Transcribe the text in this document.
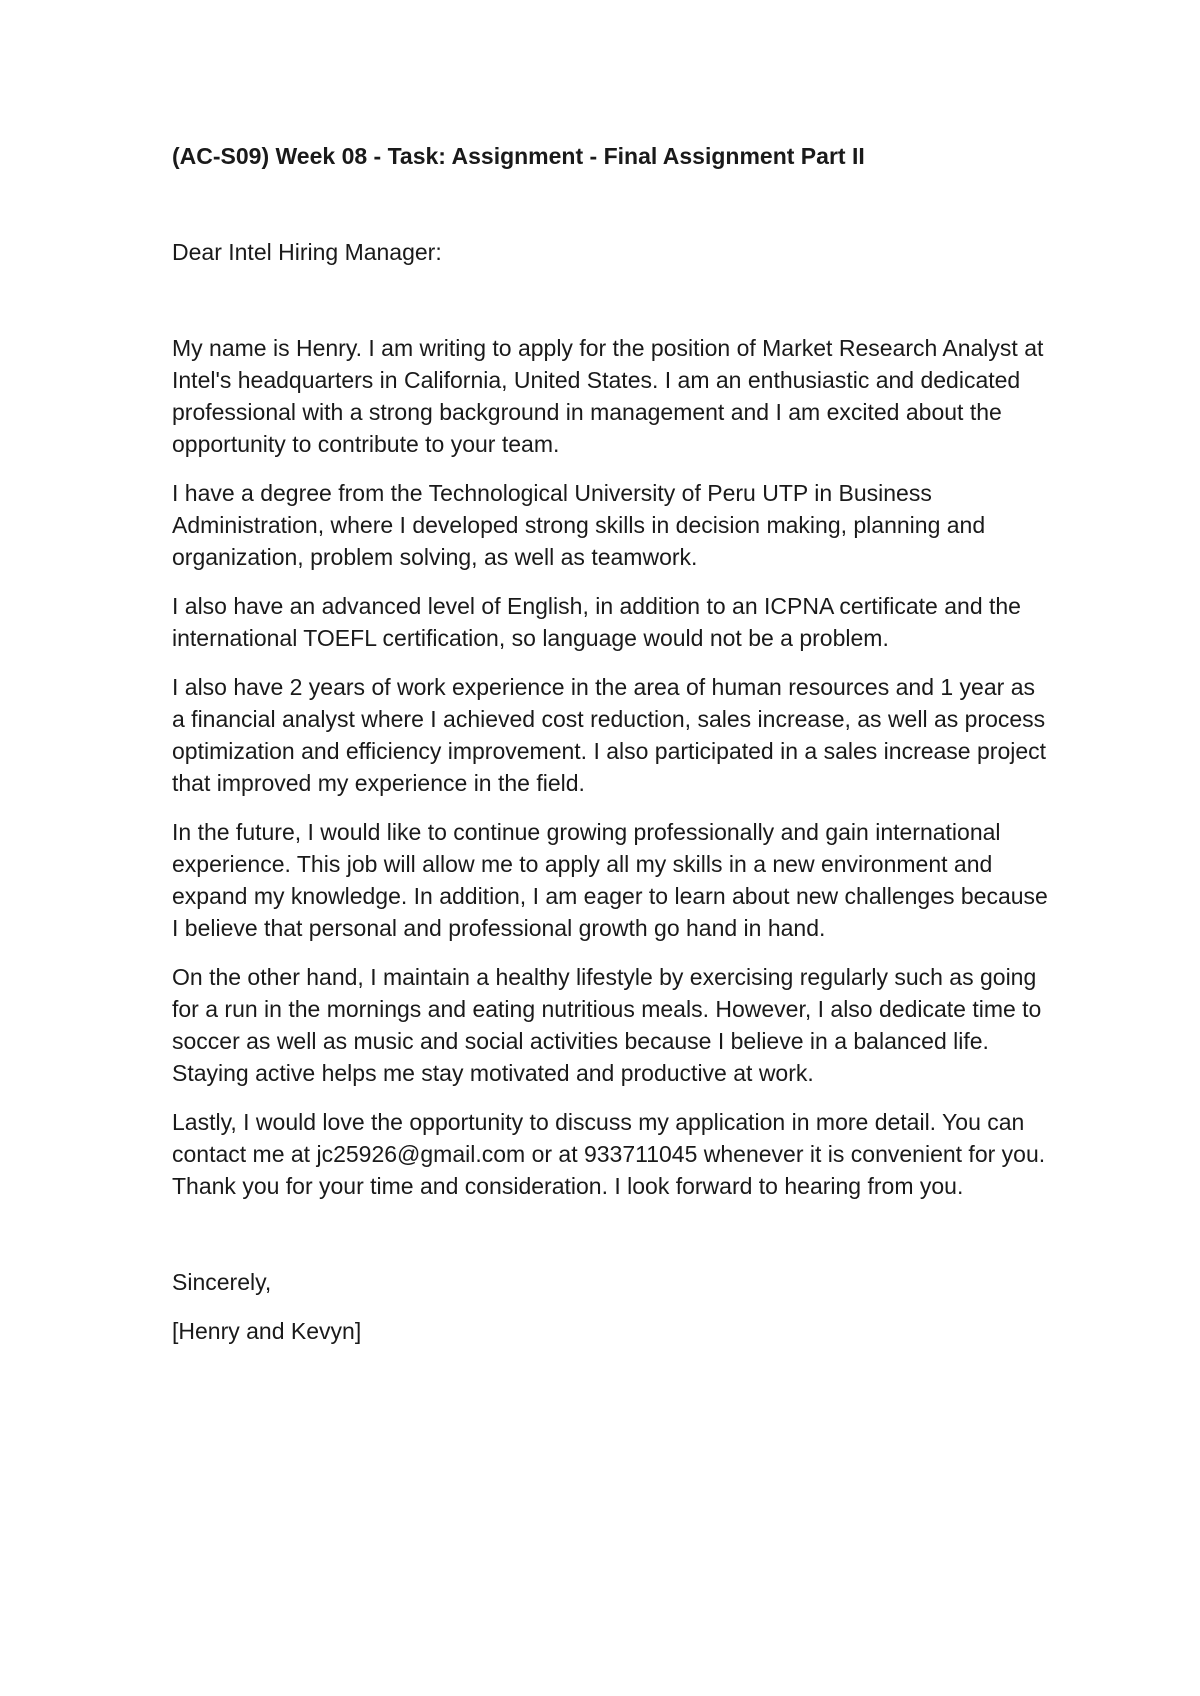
(AC-S09) Week 08 - Task: Assignment - Final Assignment Part II

Dear Intel Hiring Manager:

My name is Henry. I am writing to apply for the position of Market Research Analyst at Intel's headquarters in California, United States. I am an enthusiastic and dedicated professional with a strong background in management and I am excited about the opportunity to contribute to your team.

I have a degree from the Technological University of Peru UTP in Business Administration, where I developed strong skills in decision making, planning and organization, problem solving, as well as teamwork.

I also have an advanced level of English, in addition to an ICPNA certificate and the international TOEFL certification, so language would not be a problem.

I also have 2 years of work experience in the area of human resources and 1 year as a financial analyst where I achieved cost reduction, sales increase, as well as process optimization and efficiency improvement. I also participated in a sales increase project that improved my experience in the field.

In the future, I would like to continue growing professionally and gain international experience. This job will allow me to apply all my skills in a new environment and expand my knowledge. In addition, I am eager to learn about new challenges because I believe that personal and professional growth go hand in hand.

On the other hand, I maintain a healthy lifestyle by exercising regularly such as going for a run in the mornings and eating nutritious meals. However, I also dedicate time to soccer as well as music and social activities because I believe in a balanced life. Staying active helps me stay motivated and productive at work.

Lastly, I would love the opportunity to discuss my application in more detail. You can contact me at jc25926@gmail.com or at 933711045 whenever it is convenient for you. Thank you for your time and consideration. I look forward to hearing from you.

Sincerely,

[Henry and Kevyn]
